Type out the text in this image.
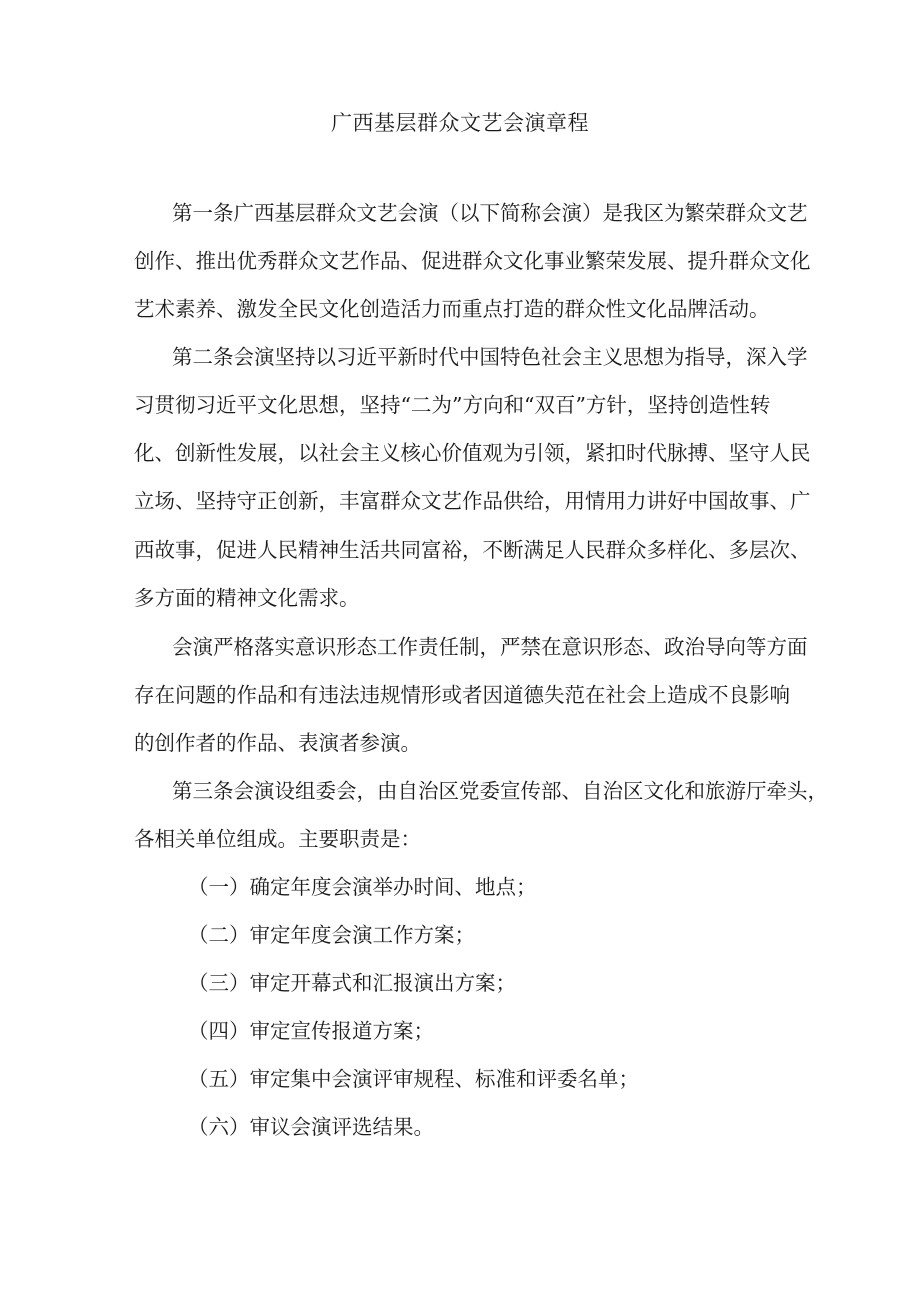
广西基层群众文艺会演章程
第一条广西基层群众文艺会演（以下简称会演）是我区为繁荣群众文艺
创作、推出优秀群众文艺作品、促进群众文化事业繁荣发展、提升群众文化
艺术素养、激发全民文化创造活力而重点打造的群众性文化品牌活动。
第二条会演坚持以习近平新时代中国特色社会主义思想为指导，深入学
习贯彻习近平文化思想，坚持“二为”方向和“双百”方针，坚持创造性转
化、创新性发展，以社会主义核心价值观为引领，紧扣时代脉搏、坚守人民
立场、坚持守正创新，丰富群众文艺作品供给，用情用力讲好中国故事、广
西故事，促进人民精神生活共同富裕，不断满足人民群众多样化、多层次、
多方面的精神文化需求。
会演严格落实意识形态工作责任制，严禁在意识形态、政治导向等方面
存在问题的作品和有违法违规情形或者因道德失范在社会上造成不良影响
的创作者的作品、表演者参演。
第三条会演设组委会，由自治区党委宣传部、自治区文化和旅游厅牵头，
各相关单位组成。主要职责是：
（一）确定年度会演举办时间、地点；
（二）审定年度会演工作方案；
（三）审定开幕式和汇报演出方案；
（四）审定宣传报道方案；
（五）审定集中会演评审规程、标准和评委名单；
（六）审议会演评选结果。
